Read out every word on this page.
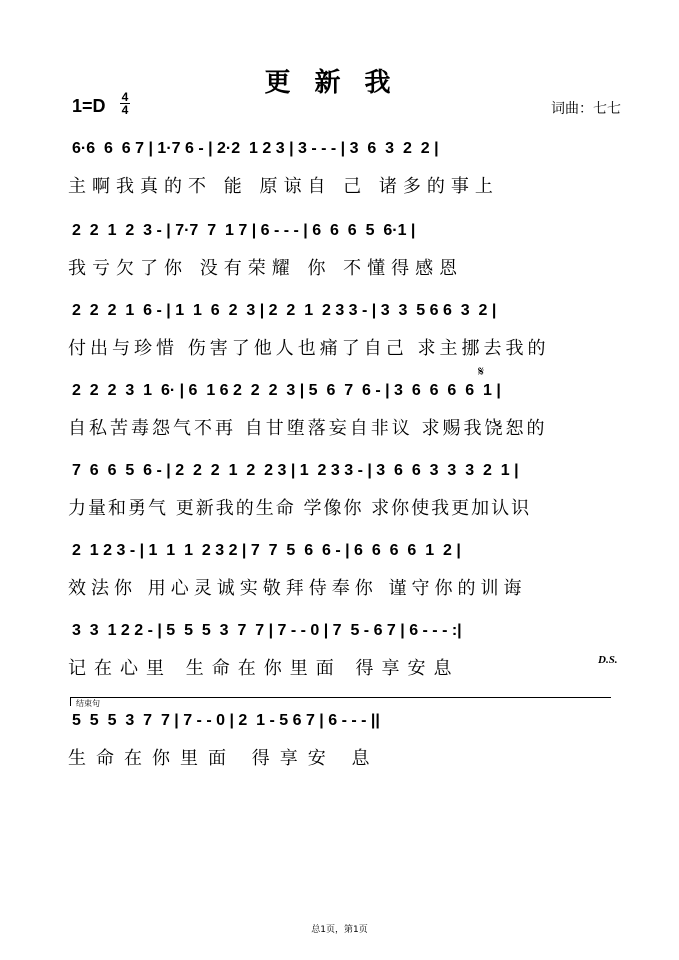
更新我
1=D 4
4	词曲：七七
6·6  6  6 7 | 1·7 6 - | 2·2  1 2 3 | 3 - - - | 3  6  3  2  2 |
主啊我真的不 能 原谅自 己 诸多的事上
2  2  1  2  3 - | 7·7  7  1 7 | 6 - - - | 6  6  6  5  6·1 |
我亏欠了你 没有荣耀 你 不懂得感恩
2  2  2  1  6 - | 1  1  6  2  3 | 2  2  1  2 3 3 - | 3  3  5 6 6  3  2 |
付出与珍惜 伤害了他人也痛了自己 求主挪去我的
𝄋
2  2  2  3  1  6· | 6  1 6 2  2  2  3 | 5  6  7  6 - | 3  6  6  6  6  1 |
自私苦毒怨气不再 自甘堕落妄自非议 求赐我饶恕的
7  6  6  5  6 - | 2  2  2  1  2  2 3 | 1  2 3 3 - | 3  6  6  3  3  3  2  1 |
力量和勇气 更新我的生命 学像你 求你使我更加认识
2  1 2 3 - | 1  1  1  2 3 2 | 7  7  5  6  6 - | 6  6  6  6  1  2 |
效法你 用心灵诚实敬拜侍奉你 谨守你的训诲
3  3  1 2 2 - | 5  5  5  3  7  7 | 7 - - 0 | 7  5 - 6 7 | 6 - - - :|
记在心里 生命在你里面 得享安息	D.S.
结束句
5  5  5  3  7  7 | 7 - - 0 | 2  1 - 5 6 7 | 6 - - - ||
生命在你里面 得享安 息
总1页，第1页
